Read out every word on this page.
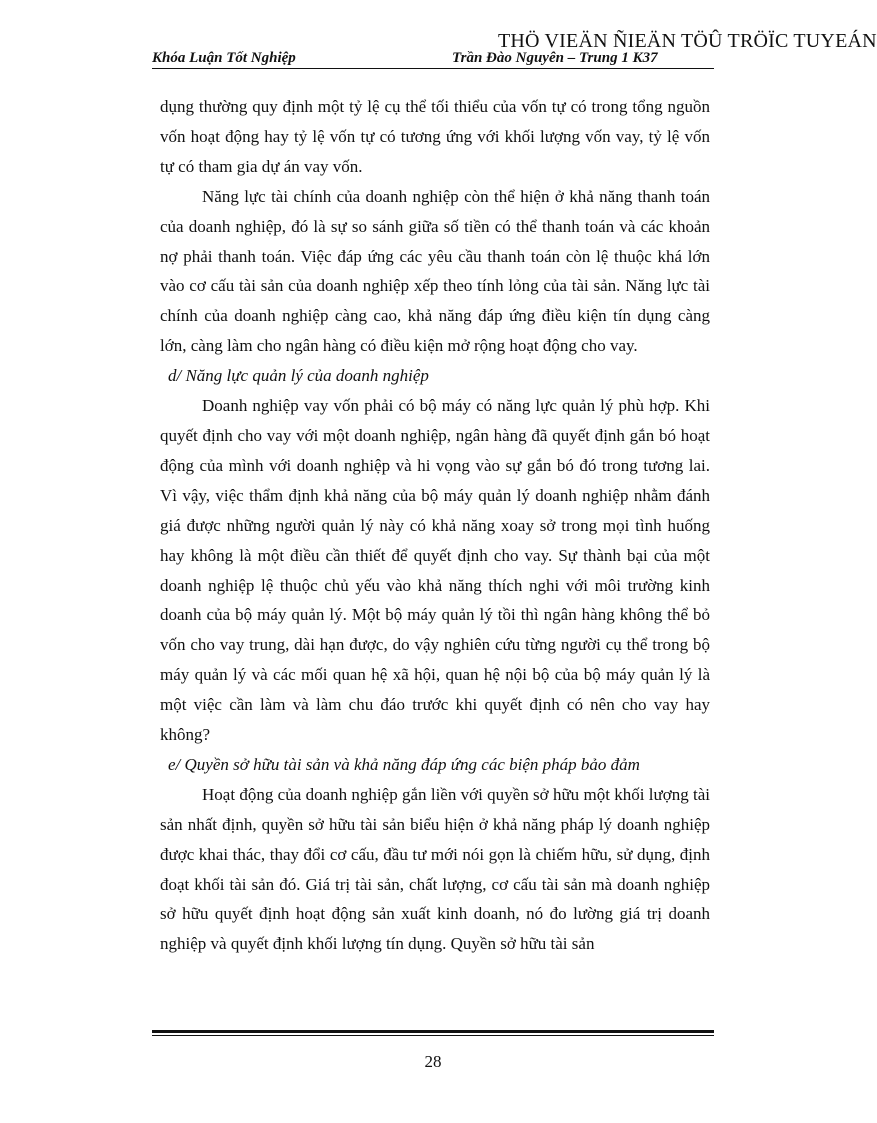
THÖ VIEÄN ÑIEÄN TÖÛ TRÖÏC TUYEÁN
Khóa Luận Tốt Nghiệp	Trần Đào Nguyên – Trung 1 K37

dụng thường quy định một tỷ lệ cụ thể tối thiểu của vốn tự có trong tổng nguồn vốn hoạt động hay tỷ lệ vốn tự có tương ứng với khối lượng vốn vay, tỷ lệ vốn tự có tham gia dự án vay vốn.

Năng lực tài chính của doanh nghiệp còn thể hiện ở khả năng thanh toán của doanh nghiệp, đó là sự so sánh giữa số tiền có thể thanh toán và các khoản nợ phải thanh toán. Việc đáp ứng các yêu cầu thanh toán còn lệ thuộc khá lớn vào cơ cấu tài sản của doanh nghiệp xếp theo tính lỏng của tài sản. Năng lực tài chính của doanh nghiệp càng cao, khả năng đáp ứng điều kiện tín dụng càng lớn, càng làm cho ngân hàng có điều kiện mở rộng hoạt động cho vay.

d/ Năng lực quản lý của doanh nghiệp

Doanh nghiệp vay vốn phải có bộ máy có năng lực quản lý phù hợp. Khi quyết định cho vay với một doanh nghiệp, ngân hàng đã quyết định gắn bó hoạt động của mình với doanh nghiệp và hi vọng vào sự gắn bó đó trong tương lai. Vì vậy, việc thẩm định khả năng của bộ máy quản lý doanh nghiệp nhằm đánh giá được những người quản lý này có khả năng xoay sở trong mọi tình huống hay không là một điều cần thiết để quyết định cho vay. Sự thành bại của một doanh nghiệp lệ thuộc chủ yếu vào khả năng thích nghi với môi trường kinh doanh của bộ máy quản lý. Một bộ máy quản lý tồi thì ngân hàng không thể bỏ vốn cho vay trung, dài hạn được, do vậy nghiên cứu từng người cụ thể trong bộ máy quản lý và các mối quan hệ xã hội, quan hệ nội bộ của bộ máy quản lý là một việc cần làm và làm chu đáo trước khi quyết định có nên cho vay hay không?

e/ Quyền sở hữu tài sản và khả năng đáp ứng các biện pháp bảo đảm

Hoạt động của doanh nghiệp gắn liền với quyền sở hữu một khối lượng tài sản nhất định, quyền sở hữu tài sản biểu hiện ở khả năng pháp lý doanh nghiệp được khai thác, thay đổi cơ cấu, đầu tư mới nói gọn là chiếm hữu, sử dụng, định đoạt khối tài sản đó. Giá trị tài sản, chất lượng, cơ cấu tài sản mà doanh nghiệp sở hữu quyết định hoạt động sản xuất kinh doanh, nó đo lường giá trị doanh nghiệp và quyết định khối lượng tín dụng. Quyền sở hữu tài sản

28
